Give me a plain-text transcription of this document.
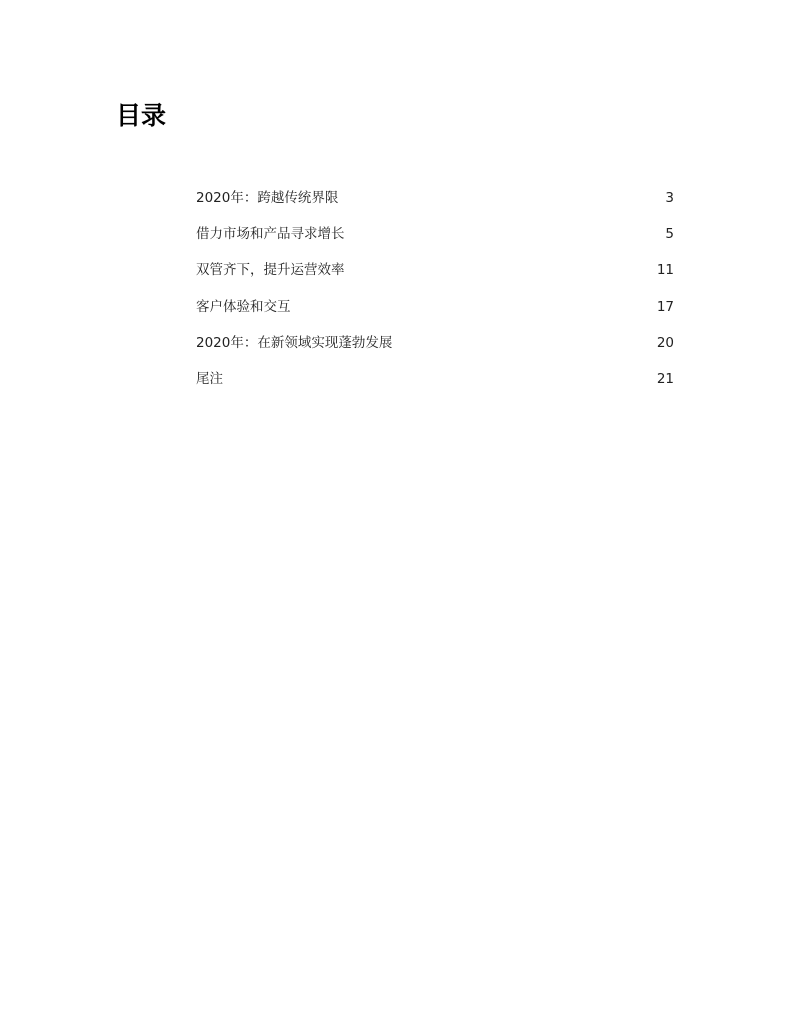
目录
2020年：跨越传统界限	3
借力市场和产品寻求增长	5
双管齐下，提升运营效率	11
客户体验和交互	17
2020年：在新领域实现蓬勃发展	20
尾注	21
